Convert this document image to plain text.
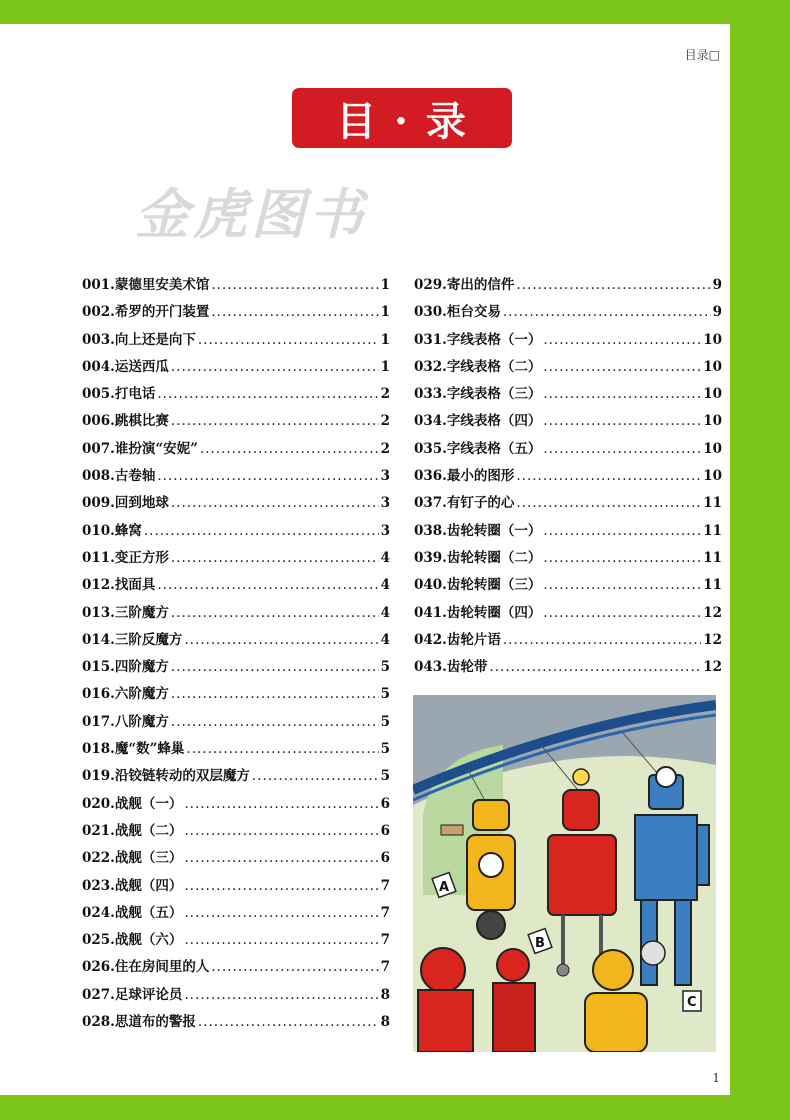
目录□
目 · 录
金虎图书
001. 蒙德里安美术馆 .....	1
002. 希罗的开门装置 .....	1
003. 向上还是向下 .....	1
004. 运送西瓜 .....	1
005. 打电话 .....	2
006. 跳棋比赛 .....	2
007. 谁扮演“安妮” .....	2
008. 古卷轴 .....	3
009. 回到地球 .....	3
010. 蜂窝 .....	3
011. 变正方形 .....	4
012. 找面具 .....	4
013. 三阶魔方 .....	4
014. 三阶反魔方 .....	4
015. 四阶魔方 .....	5
016. 六阶魔方 .....	5
017. 八阶魔方 .....	5
018. 魔“数”蜂巢 .....	5
019. 沿铰链转动的双层魔方 .....	5
020. 战舰（一） .....	6
021. 战舰（二） .....	6
022. 战舰（三） .....	6
023. 战舰（四） .....	7
024. 战舰（五） .....	7
025. 战舰（六） .....	7
026. 住在房间里的人 .....	7
027. 足球评论员 .....	8
028. 思道布的警报 .....	8
029. 寄出的信件 .....	9
030. 柜台交易 .....	9
031. 字线表格（一） .....	10
032. 字线表格（二） .....	10
033. 字线表格（三） .....	10
034. 字线表格（四） .....	10
035. 字线表格（五） .....	10
036. 最小的图形 .....	10
037. 有钉子的心 .....	11
038. 齿轮转圈（一） .....	11
039. 齿轮转圈（二） .....	11
040. 齿轮转圈（三） .....	11
041. 齿轮转圈（四） .....	12
042. 齿轮片语 .....	12
043. 齿轮带 .....	12
A
B
C
1
